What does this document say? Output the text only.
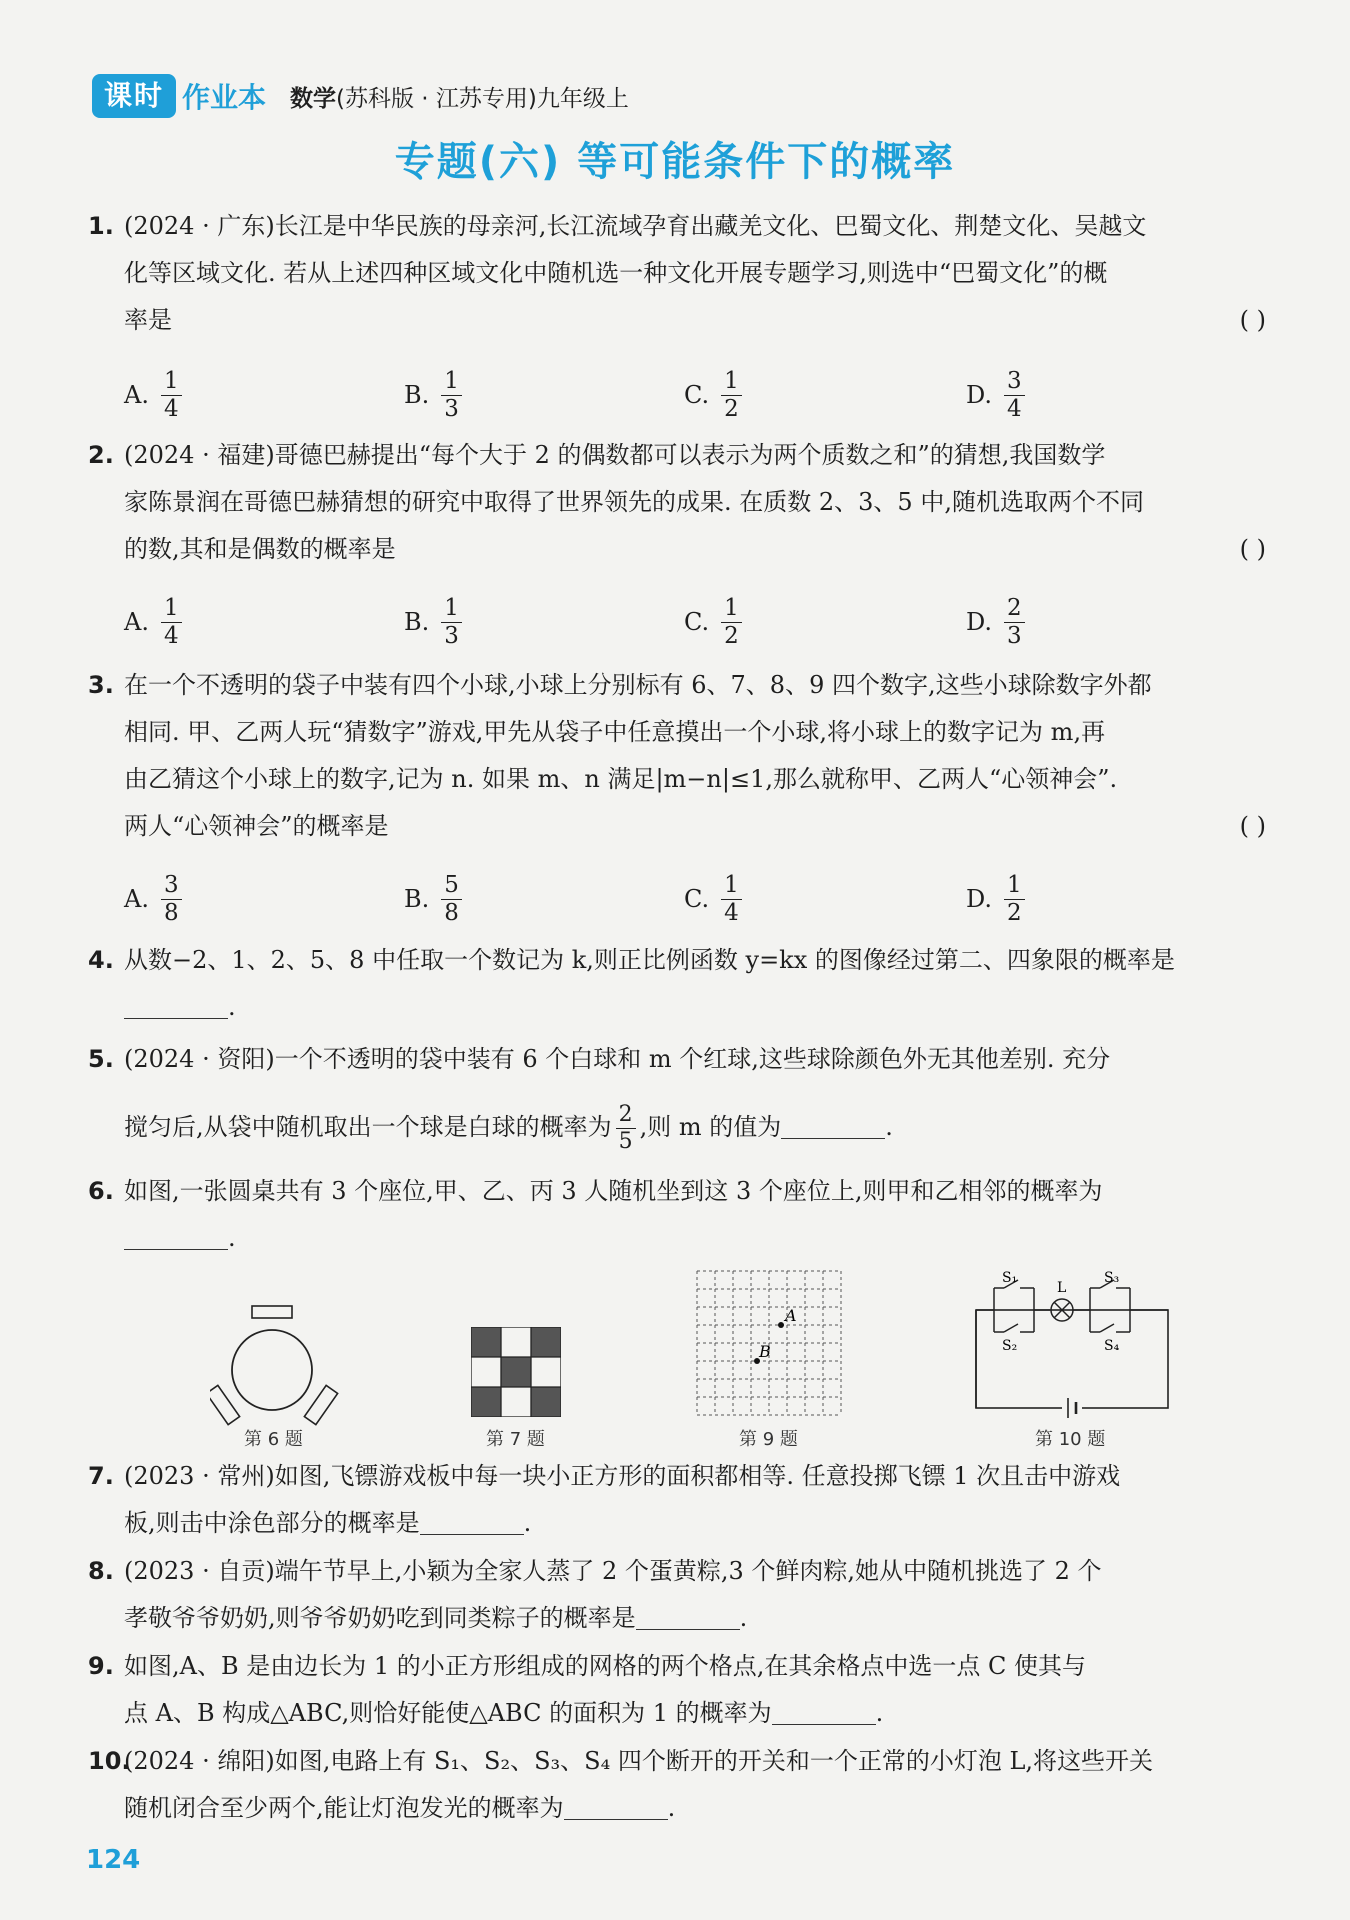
课时 作业本 数学(苏科版 · 江苏专用)九年级上
专题(六) 等可能条件下的概率
1. (2024 · 广东)长江是中华民族的母亲河,长江流域孕育出藏羌文化、巴蜀文化、荆楚文化、吴越文
化等区域文化. 若从上述四种区域文化中随机选一种文化开展专题学习,则选中“巴蜀文化”的概
率是	( )
A. $\frac{1}{4}$	B. $\frac{1}{3}$	C. $\frac{1}{2}$	D. $\frac{3}{4}$
2. (2024 · 福建)哥德巴赫提出“每个大于 2 的偶数都可以表示为两个质数之和”的猜想,我国数学
家陈景润在哥德巴赫猜想的研究中取得了世界领先的成果. 在质数 2、3、5 中,随机选取两个不同
的数,其和是偶数的概率是	( )
A. $\frac{1}{4}$	B. $\frac{1}{3}$	C. $\frac{1}{2}$	D. $\frac{2}{3}$
3. 在一个不透明的袋子中装有四个小球,小球上分别标有 6、7、8、9 四个数字,这些小球除数字外都
相同. 甲、乙两人玩“猜数字”游戏,甲先从袋子中任意摸出一个小球,将小球上的数字记为 m,再
由乙猜这个小球上的数字,记为 n. 如果 m、n 满足|m−n|≤1,那么就称甲、乙两人“心领神会”.
两人“心领神会”的概率是	( )
A. $\frac{3}{8}$	B. $\frac{5}{8}$	C. $\frac{1}{4}$	D. $\frac{1}{2}$
4. 从数−2、1、2、5、8 中任取一个数记为 k,则正比例函数 y=kx 的图像经过第二、四象限的概率是
.
5. (2024 · 资阳)一个不透明的袋中装有 6 个白球和 m 个红球,这些球除颜色外无其他差别. 充分
搅匀后,从袋中随机取出一个球是白球的概率为 $\frac{2}{5}$ ,则 m 的值为	.
6. 如图,一张圆桌共有 3 个座位,甲、乙、丙 3 人随机坐到这 3 个座位上,则甲和乙相邻的概率为
.
第 6 题	第 7 题
A
B
第 9 题
S₁
S₂
S₃
S₄
L
第 10 题
7. (2023 · 常州)如图,飞镖游戏板中每一块小正方形的面积都相等. 任意投掷飞镖 1 次且击中游戏
板,则击中涂色部分的概率是	.
8. (2023 · 自贡)端午节早上,小颖为全家人蒸了 2 个蛋黄粽,3 个鲜肉粽,她从中随机挑选了 2 个
孝敬爷爷奶奶,则爷爷奶奶吃到同类粽子的概率是	.
9. 如图,A、B 是由边长为 1 的小正方形组成的网格的两个格点,在其余格点中选一点 C 使其与
点 A、B 构成△ABC,则恰好能使△ABC 的面积为 1 的概率为	.
10.(2024 · 绵阳)如图,电路上有 S₁、S₂、S₃、S₄ 四个断开的开关和一个正常的小灯泡 L,将这些开关
随机闭合至少两个,能让灯泡发光的概率为	.
124
